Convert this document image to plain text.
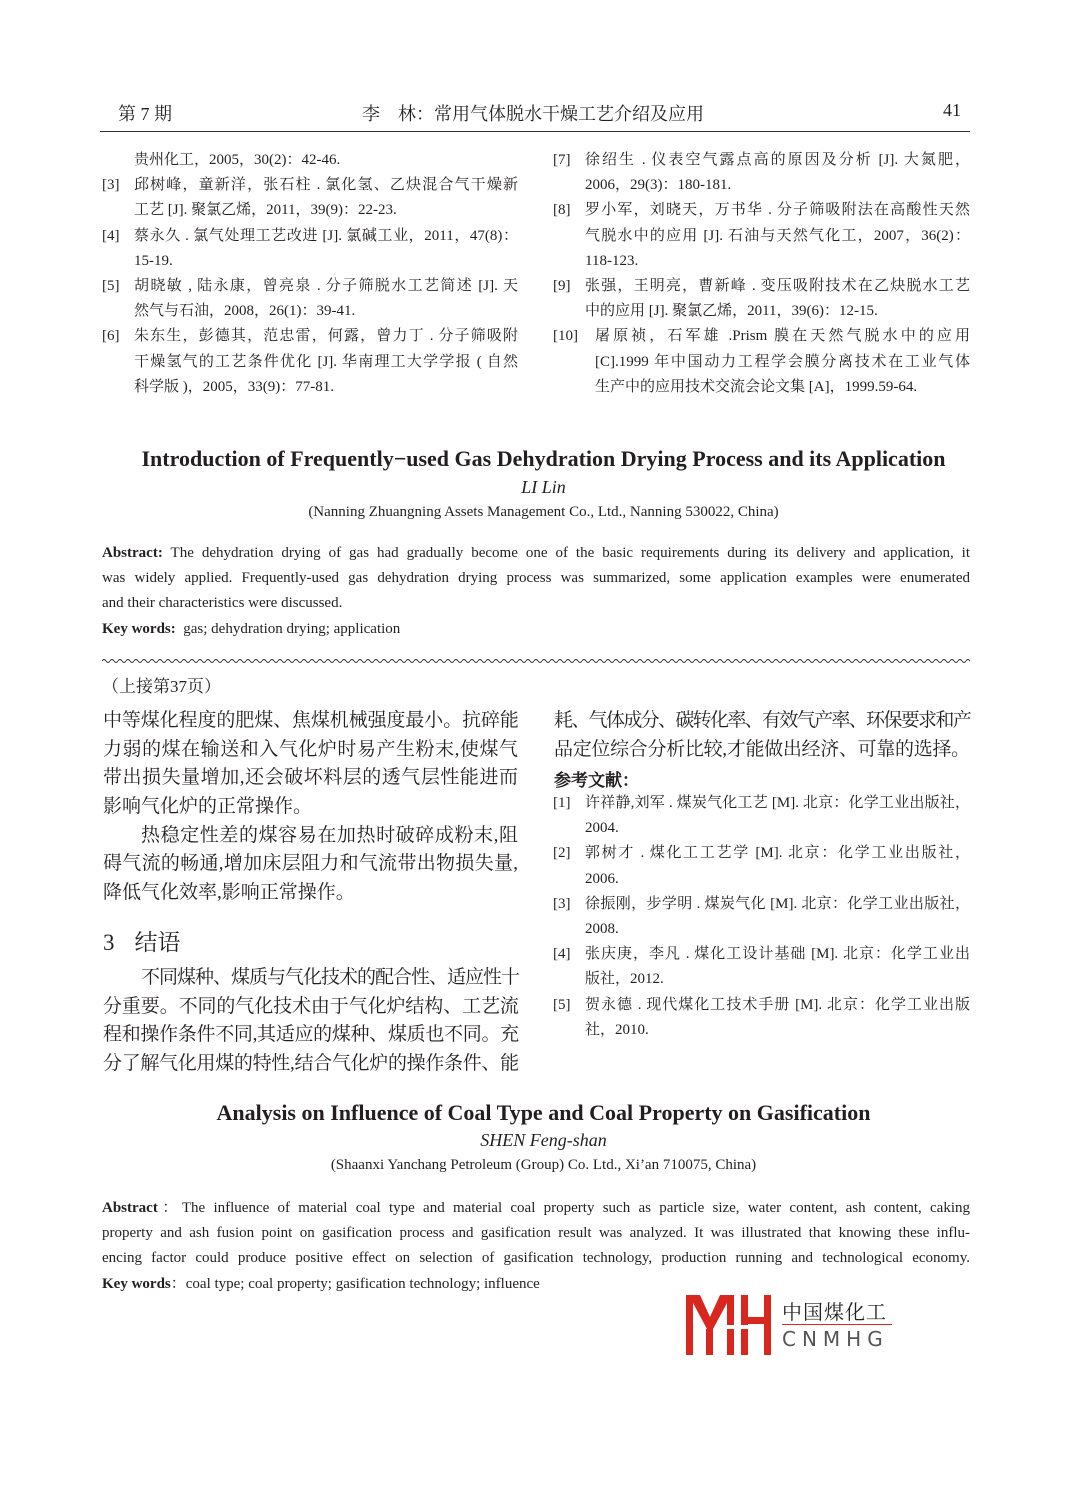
第 7 期	李　林：常用气体脱水干燥工艺介绍及应用	41
贵州化工，2005，30(2)：42-46.
[3] 邱树峰，童新洋，张石柱 . 氯化氢、乙炔混合气干燥新
工艺 [J]. 聚氯乙烯，2011，39(9)：22-23.
[4] 蔡永久 . 氯气处理工艺改进 [J]. 氯碱工业，2011，47(8)：
15-19.
[5] 胡晓敏 , 陆永康，曾亮泉 . 分子筛脱水工艺简述 [J]. 天
然气与石油，2008，26(1)：39-41.
[6] 朱东生，彭德其，范忠雷，何露，曾力丁 . 分子筛吸附
干燥氢气的工艺条件优化 [J]. 华南理工大学学报 ( 自然
科学版 )，2005，33(9)：77-81.
[7] 徐绍生 . 仪表空气露点高的原因及分析 [J]. 大氮肥，
2006，29(3)：180-181.
[8] 罗小军，刘晓天，万书华 . 分子筛吸附法在高酸性天然
气脱水中的应用 [J]. 石油与天然气化工，2007，36(2)：
118-123.
[9] 张强，王明亮，曹新峰 . 变压吸附技术在乙炔脱水工艺
中的应用 [J]. 聚氯乙烯，2011，39(6)：12-15.
[10] 屠原祯，石军雄 .Prism 膜在天然气脱水中的应用
[C].1999 年中国动力工程学会膜分离技术在工业气体
生产中的应用技术交流会论文集 [A]，1999.59-64.
Introduction of Frequently−used Gas Dehydration Drying Process and its Application
LI Lin
(Nanning Zhuangning Assets Management Co., Ltd., Nanning 530022, China)
Abstract: The dehydration drying of gas had gradually become one of the basic requirements during its delivery and application, it
was widely applied. Frequently-used gas dehydration drying process was summarized, some application examples were enumerated
and their characteristics were discussed.
Key words: gas; dehydration drying; application
（上接第37页）
中等煤化程度的肥煤、焦煤机械强度最小。抗碎能
力弱的煤在输送和入气化炉时易产生粉末,使煤气
带出损失量增加,还会破坏料层的透气层性能进而
影响气化炉的正常操作。
热稳定性差的煤容易在加热时破碎成粉末,阻
碍气流的畅通,增加床层阻力和气流带出物损失量,
降低气化效率,影响正常操作。
3 结语
不同煤种、煤质与气化技术的配合性、适应性十
分重要。不同的气化技术由于气化炉结构、工艺流
程和操作条件不同,其适应的煤种、煤质也不同。充
分了解气化用煤的特性,结合气化炉的操作条件、能
耗、气体成分、碳转化率、有效气产率、环保要求和产
品定位综合分析比较,才能做出经济、可靠的选择。
参考文献：
[1] 许祥静,刘军 . 煤炭气化工艺 [M]. 北京：化学工业出版社，
2004.
[2] 郭树才 . 煤化工工艺学 [M]. 北京：化学工业出版社，
2006.
[3] 徐振刚，步学明 . 煤炭气化 [M]. 北京：化学工业出版社，
2008.
[4] 张庆庚，李凡 . 煤化工设计基础 [M]. 北京：化学工业出
版社，2012.
[5] 贺永德 . 现代煤化工技术手册 [M]. 北京：化学工业出版
社，2010.
Analysis on Influence of Coal Type and Coal Property on Gasification
SHEN Feng-shan
(Shaanxi Yanchang Petroleum (Group) Co. Ltd., Xi’an 710075, China)
Abstract：The influence of material coal type and material coal property such as particle size, water content, ash content, caking
property and ash fusion point on gasification process and gasification result was analyzed. It was illustrated that knowing these influ-
encing factor could produce positive effect on selection of gasification technology, production running and technological economy.
Key words：coal type; coal property; gasification technology; influence
中国煤化工
CNMHG
